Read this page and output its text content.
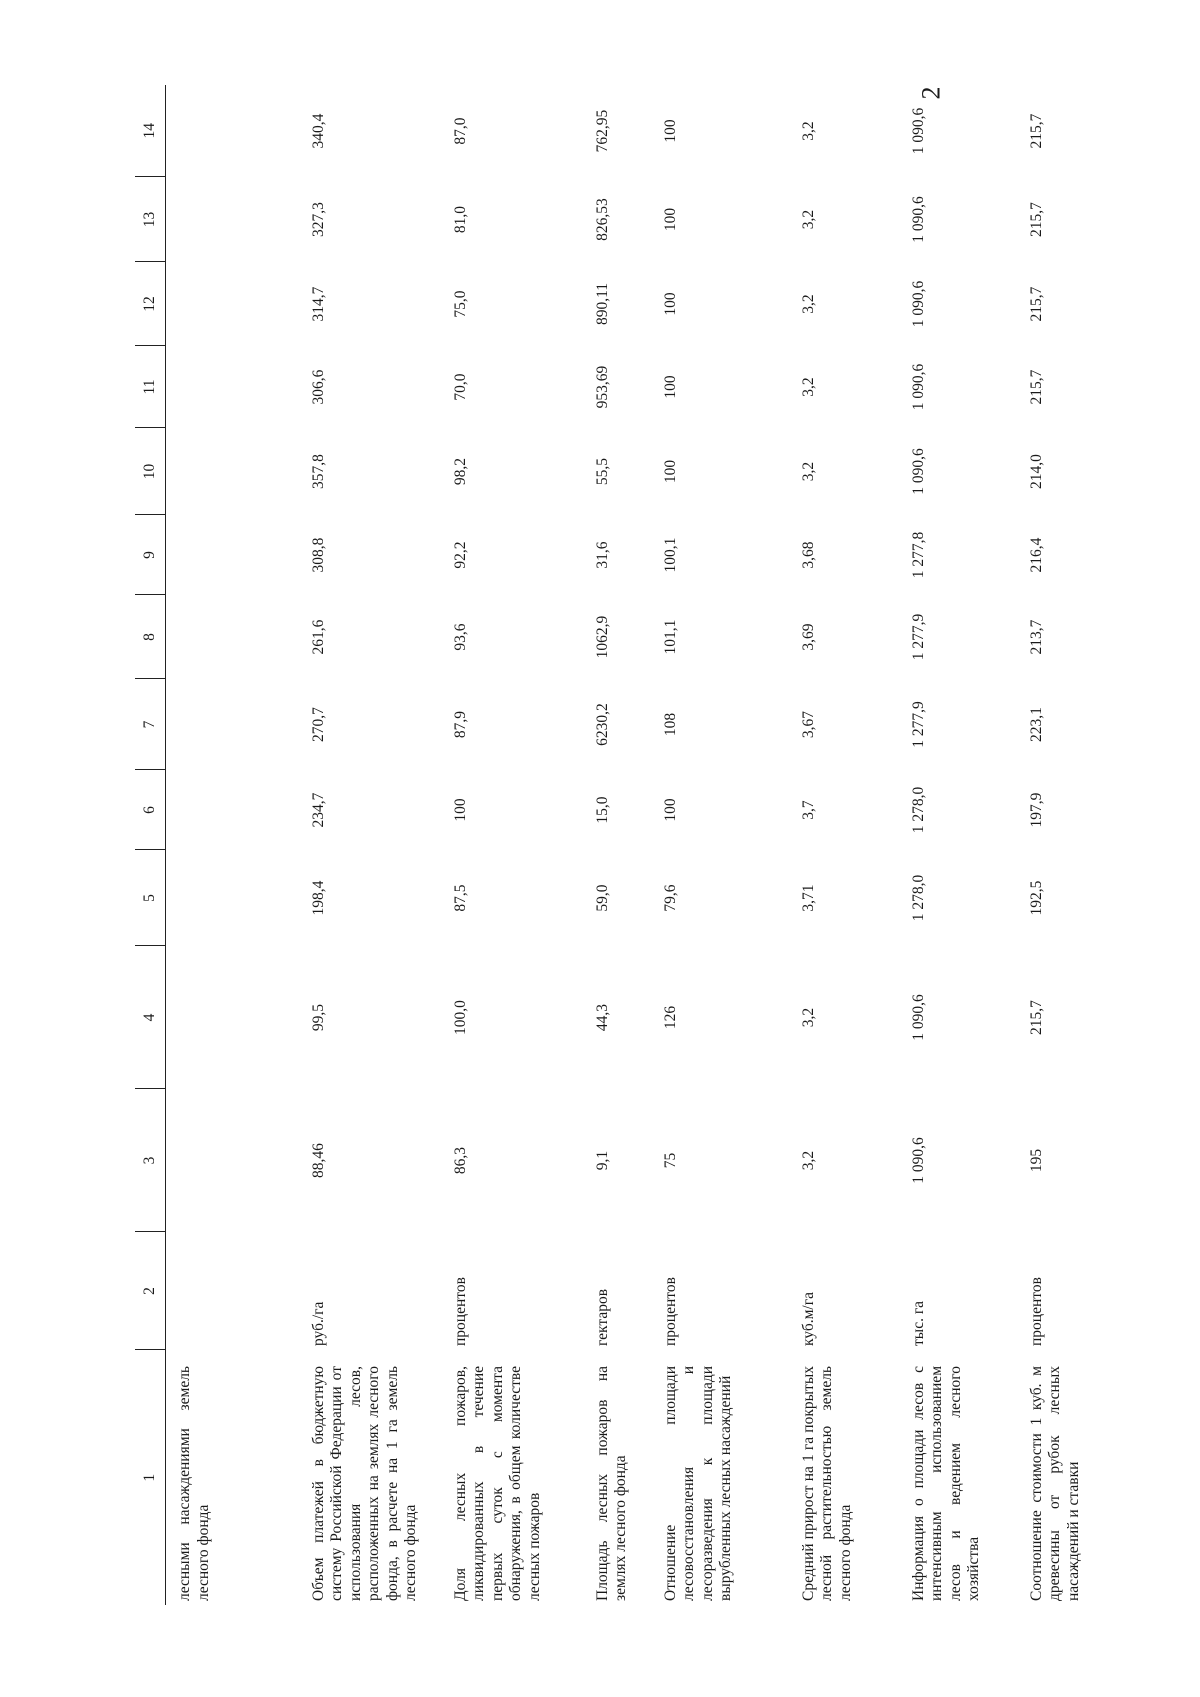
2
1	2	3	4	5	6	7	8	9	10	11	12	13	14
лесными насаждениями земель лесного фонда													
Объем платежей в бюджетную систему Российской Федерации от использования лесов, расположенных на землях лесного фонда, в расчете на 1 га земель лесного фонда	руб./га	88,46	99,5	198,4	234,7	270,7	261,6	308,8	357,8	306,6	314,7	327,3	340,4
Доля лесных пожаров, ликвидированных в течение первых суток с момента обнаружения, в общем количестве лесных пожаров	процентов	86,3	100,0	87,5	100	87,9	93,6	92,2	98,2	70,0	75,0	81,0	87,0
Площадь лесных пожаров на землях лесного фонда	гектаров	9,1	44,3	59,0	15,0	6230,2	1062,9	31,6	55,5	953,69	890,11	826,53	762,95
Отношение площади лесовосстановления и лесоразведения к площади вырубленных лесных насаждений	процентов	75	126	79,6	100	108	101,1	100,1	100	100	100	100	100
Средний прирост на 1 га покрытых лесной растительностью земель лесного фонда	куб.м/га	3,2	3,2	3,71	3,7	3,67	3,69	3,68	3,2	3,2	3,2	3,2	3,2
Информация о площади лесов с интенсивным использованием лесов и ведением лесного хозяйства	тыс. га	1 090,6	1 090,6	1 278,0	1 278,0	1 277,9	1 277,9	1 277,8	1 090,6	1 090,6	1 090,6	1 090,6	1 090,6
Соотношение стоимости 1 куб. м древесины от рубок лесных насаждений и ставки	процентов	195	215,7	192,5	197,9	223,1	213,7	216,4	214,0	215,7	215,7	215,7	215,7
